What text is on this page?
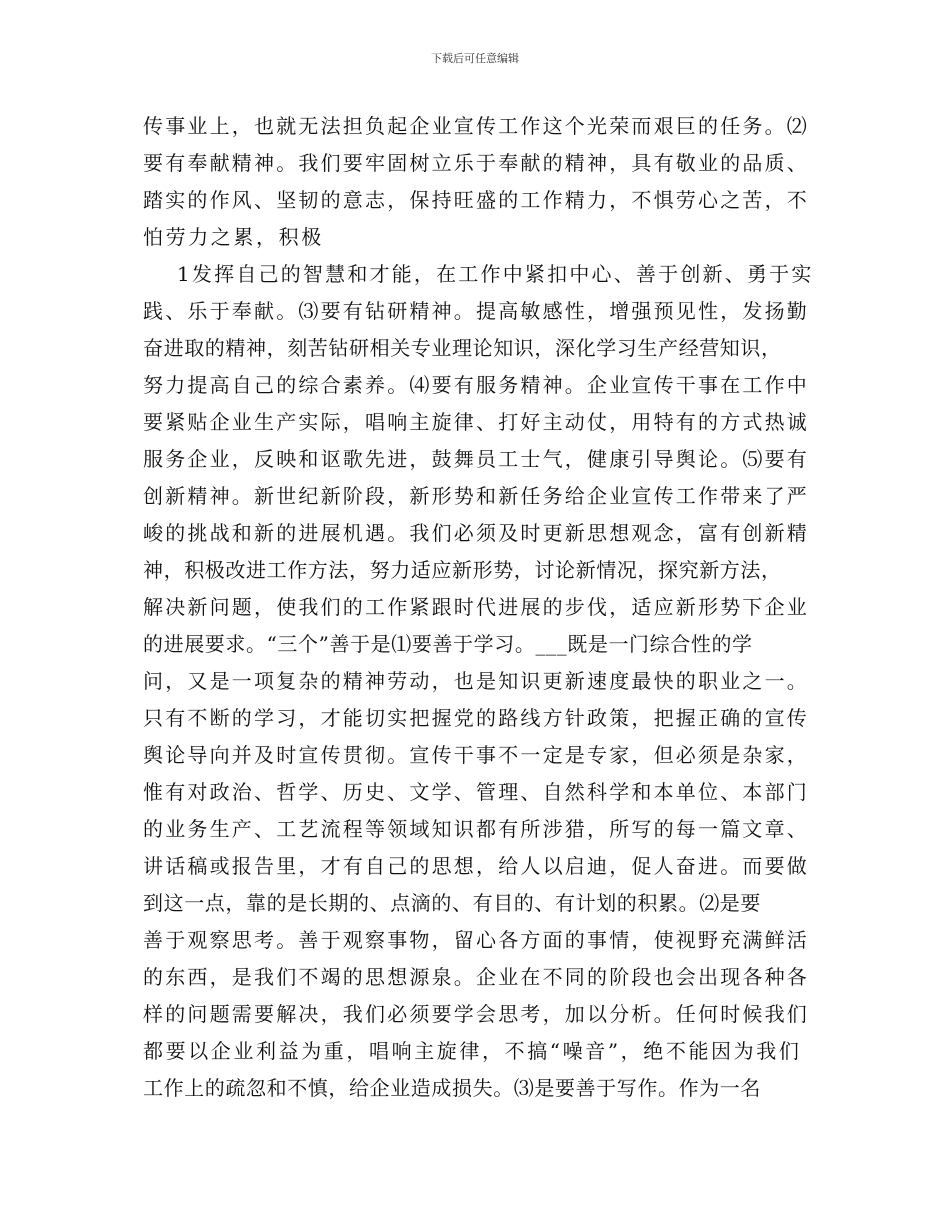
下载后可任意编辑
传事业上，也就无法担负起企业宣传工作这个光荣而艰巨的任务。⑵
要有奉献精神。我们要牢固树立乐于奉献的精神，具有敬业的品质、
踏实的作风、坚韧的意志，保持旺盛的工作精力，不惧劳心之苦，不
怕劳力之累，积极
1发挥自己的智慧和才能，在工作中紧扣中心、善于创新、勇于实
践、乐于奉献。⑶要有钻研精神。提高敏感性，增强预见性，发扬勤
奋进取的精神，刻苦钻研相关专业理论知识，深化学习生产经营知识，
努力提高自己的综合素养。⑷要有服务精神。企业宣传干事在工作中
要紧贴企业生产实际，唱响主旋律、打好主动仗，用特有的方式热诚
服务企业，反映和讴歌先进，鼓舞员工士气，健康引导舆论。⑸要有
创新精神。新世纪新阶段，新形势和新任务给企业宣传工作带来了严
峻的挑战和新的进展机遇。我们必须及时更新思想观念，富有创新精
神，积极改进工作方法，努力适应新形势，讨论新情况，探究新方法，
解决新问题，使我们的工作紧跟时代进展的步伐，适应新形势下企业
的进展要求。“三个”善于是⑴要善于学习。___既是一门综合性的学
问，又是一项复杂的精神劳动，也是知识更新速度最快的职业之一。
只有不断的学习，才能切实把握党的路线方针政策，把握正确的宣传
舆论导向并及时宣传贯彻。宣传干事不一定是专家，但必须是杂家，
惟有对政治、哲学、历史、文学、管理、自然科学和本单位、本部门
的业务生产、工艺流程等领域知识都有所涉猎，所写的每一篇文章、
讲话稿或报告里，才有自己的思想，给人以启迪，促人奋进。而要做
到这一点，靠的是长期的、点滴的、有目的、有计划的积累。⑵是要
善于观察思考。善于观察事物，留心各方面的事情，使视野充满鲜活
的东西，是我们不竭的思想源泉。企业在不同的阶段也会出现各种各
样的问题需要解决，我们必须要学会思考，加以分析。任何时候我们
都要以企业利益为重，唱响主旋律，不搞“噪音”，绝不能因为我们
工作上的疏忽和不慎，给企业造成损失。⑶是要善于写作。作为一名
